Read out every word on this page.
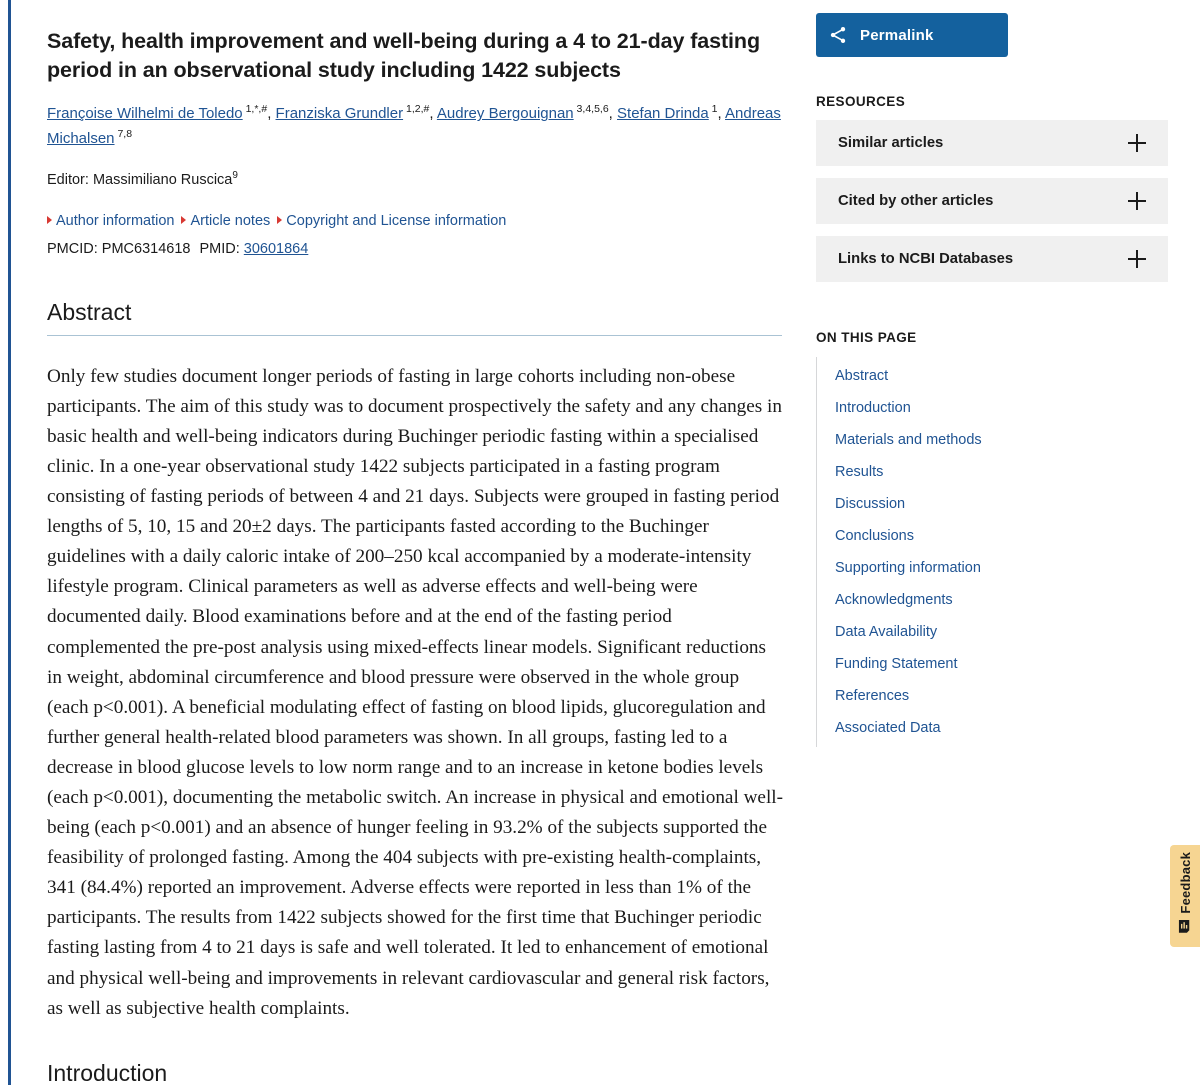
Safety, health improvement and well-being during a 4 to 21-day fasting period in an observational study including 1422 subjects
Françoise Wilhelmi de Toledo $^{1,*,\#}$, Franziska Grundler $^{1,2,\#}$, Audrey Bergouignan $^{3,4,5,6}$, Stefan Drinda $^1$, Andreas Michalsen $^{7,8}$
Editor: Massimiliano Ruscica$^9$
Author information Article notes Copyright and License information
PMCID: PMC6314618 PMID: 30601864
Abstract
Only few studies document longer periods of fasting in large cohorts including non-obese participants. The aim of this study was to document prospectively the safety and any changes in basic health and well-being indicators during Buchinger periodic fasting within a specialised clinic. In a one-year observational study 1422 subjects participated in a fasting program consisting of fasting periods of between 4 and 21 days. Subjects were grouped in fasting period lengths of 5, 10, 15 and 20±2 days. The participants fasted according to the Buchinger guidelines with a daily caloric intake of 200–250 kcal accompanied by a moderate-intensity lifestyle program. Clinical parameters as well as adverse effects and well-being were documented daily. Blood examinations before and at the end of the fasting period complemented the pre-post analysis using mixed-effects linear models. Significant reductions in weight, abdominal circumference and blood pressure were observed in the whole group (each p<0.001). A beneficial modulating effect of fasting on blood lipids, glucoregulation and further general health-related blood parameters was shown. In all groups, fasting led to a decrease in blood glucose levels to low norm range and to an increase in ketone bodies levels (each p<0.001), documenting the metabolic switch. An increase in physical and emotional well-being (each p<0.001) and an absence of hunger feeling in 93.2% of the subjects supported the feasibility of prolonged fasting. Among the 404 subjects with pre-existing health-complaints, 341 (84.4%) reported an improvement. Adverse effects were reported in less than 1% of the participants. The results from 1422 subjects showed for the first time that Buchinger periodic fasting lasting from 4 to 21 days is safe and well tolerated. It led to enhancement of emotional and physical well-being and improvements in relevant cardiovascular and general risk factors, as well as subjective health complaints.
Introduction
Permalink
RESOURCES
Similar articles
Cited by other articles
Links to NCBI Databases
ON THIS PAGE
Abstract
Introduction
Materials and methods
Results
Discussion
Conclusions
Supporting information
Acknowledgments
Data Availability
Funding Statement
References
Associated Data
Feedback
